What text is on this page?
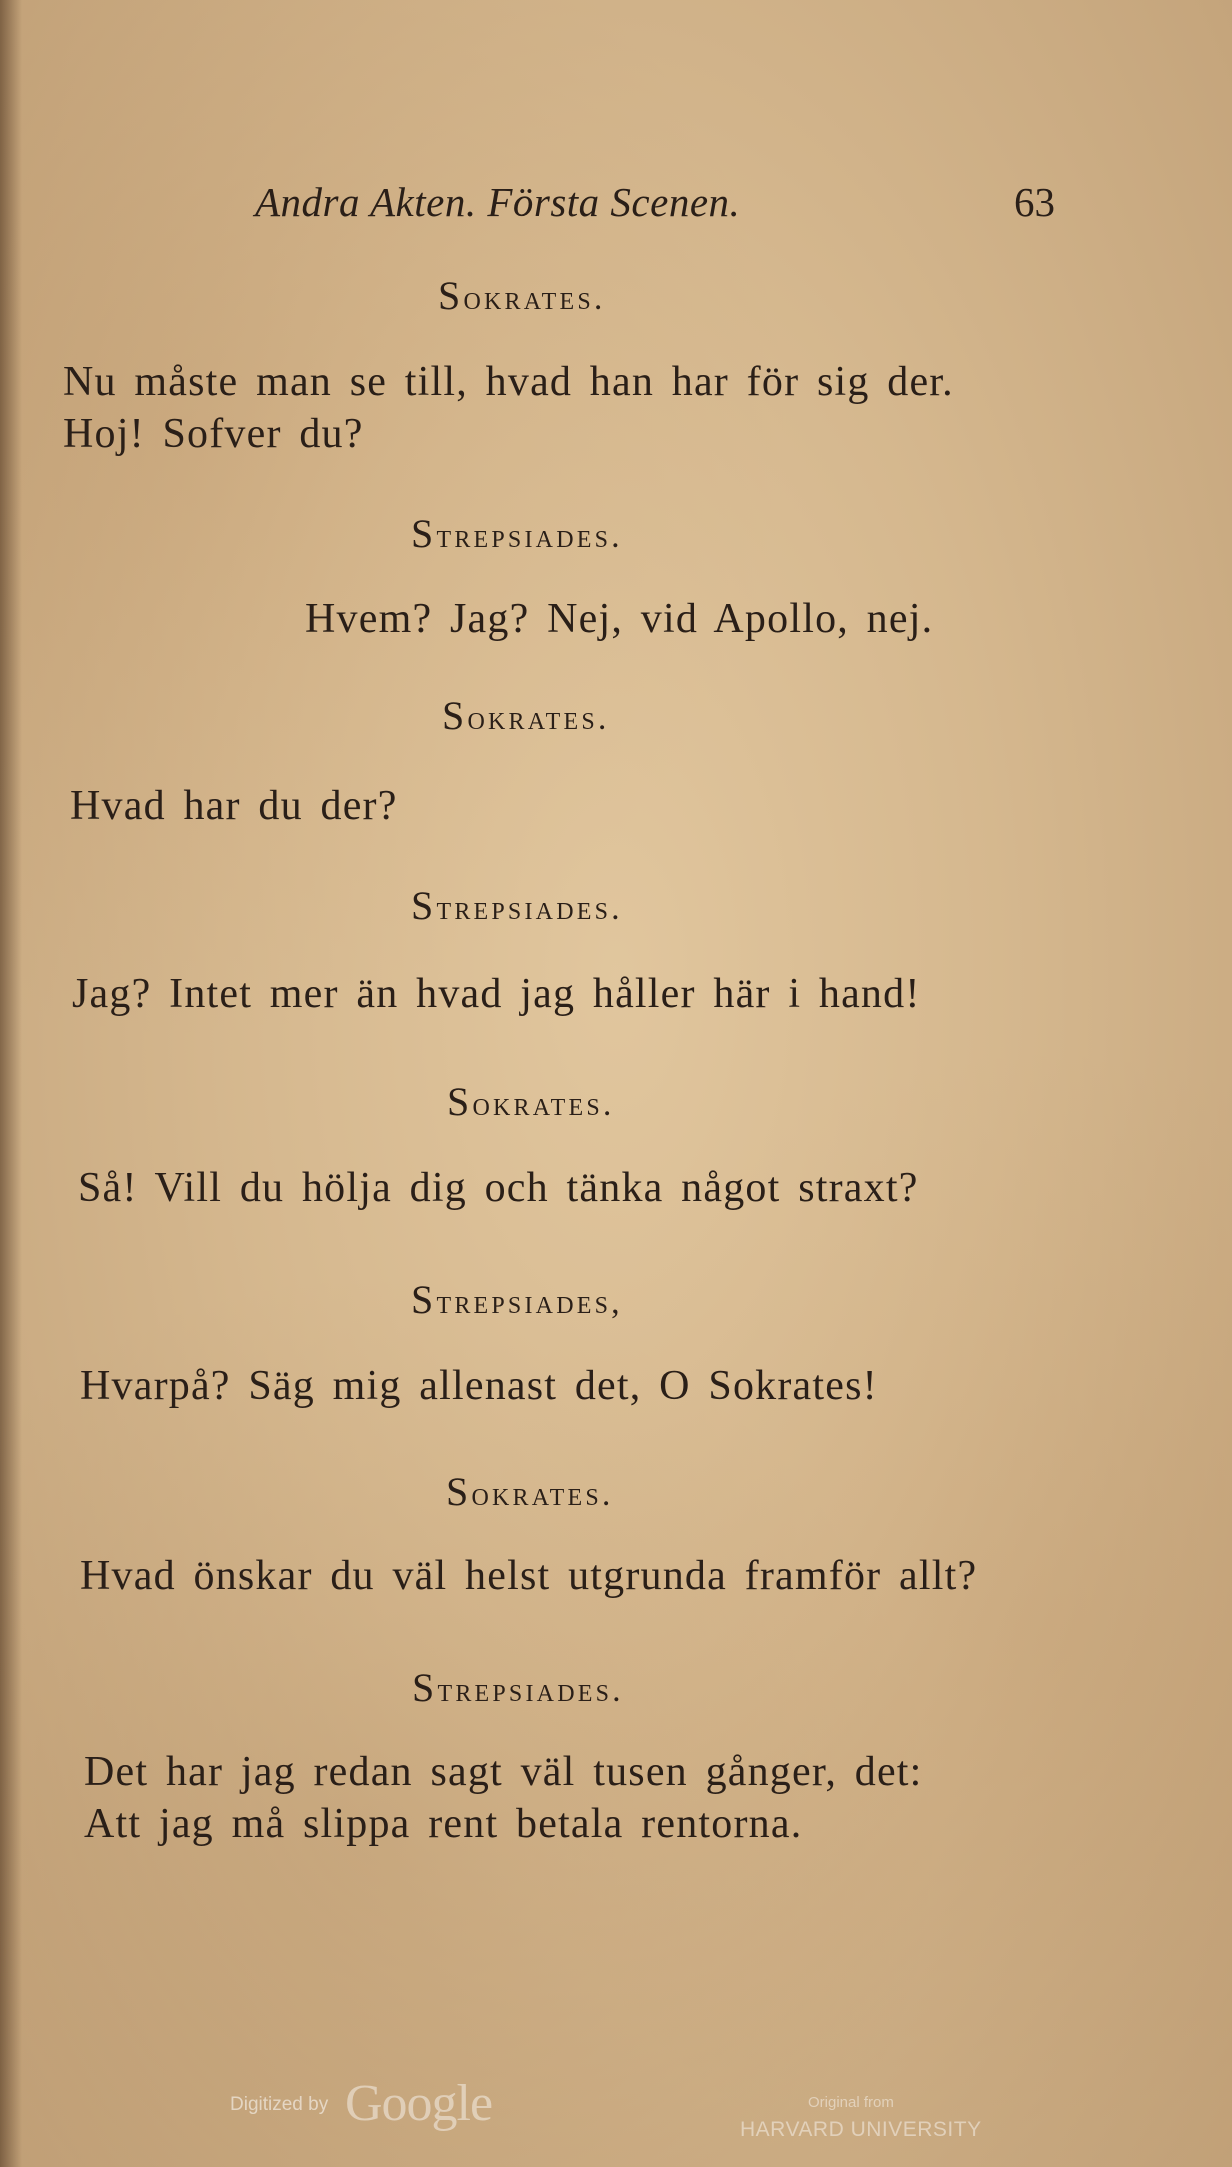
Andra Akten. Första Scenen.	63
Sokrates.
Nu måste man se till, hvad han har för sig der.
Hoj! Sofver du?
Strepsiades.
Hvem? Jag? Nej, vid Apollo, nej.
Sokrates.
Hvad har du der?
Strepsiades.
Jag? Intet mer än hvad jag håller här i hand!
Sokrates.
Så! Vill du hölja dig och tänka något straxt?
Strepsiades,
Hvarpå? Säg mig allenast det, O Sokrates!
Sokrates.
Hvad önskar du väl helst utgrunda framför allt?
Strepsiades.
Det har jag redan sagt väl tusen gånger, det:
Att jag må slippa rent betala rentorna.
Digitized by Google	Original from
HARVARD UNIVERSITY
